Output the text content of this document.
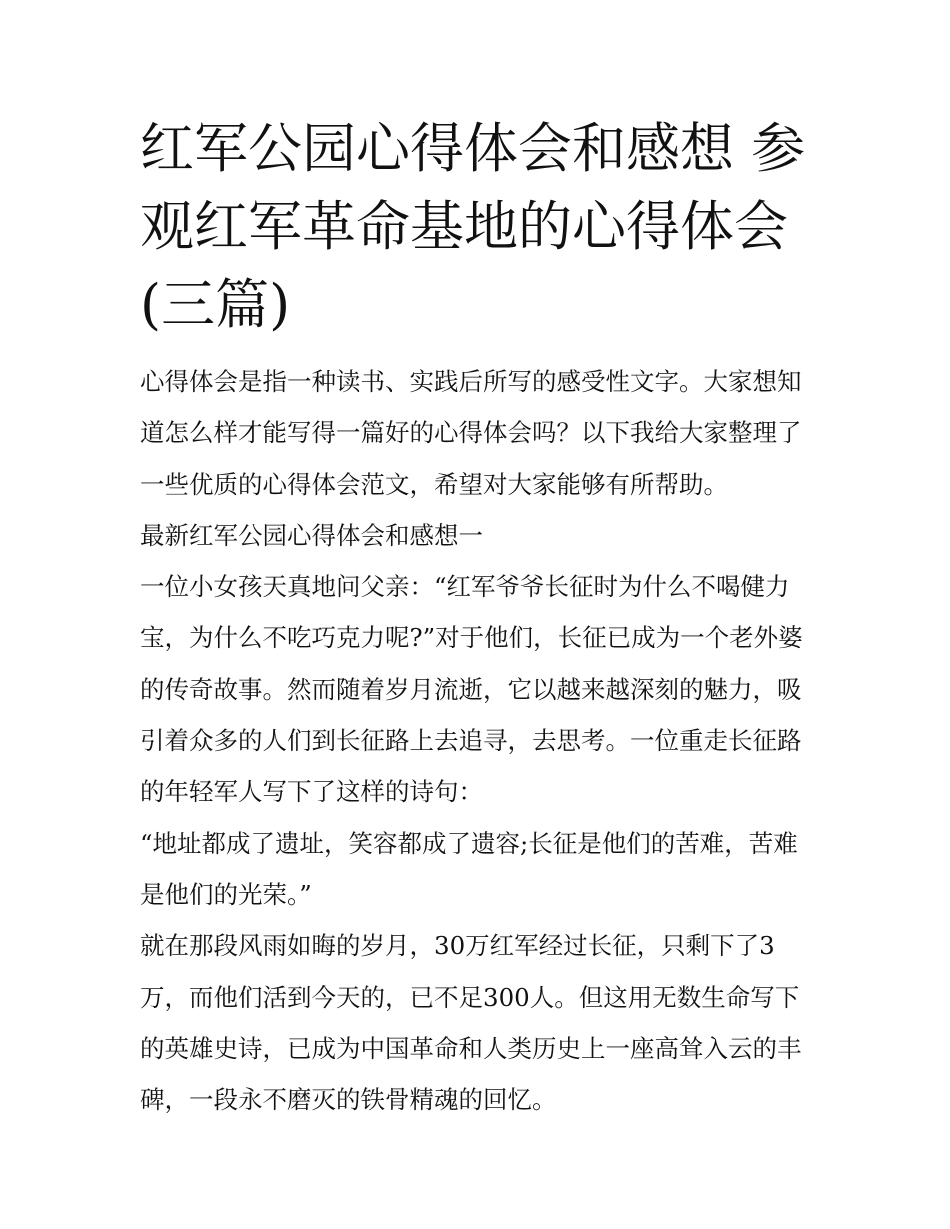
红军公园心得体会和感想 参观红军革命基地的心得体会(三篇)

心得体会是指一种读书、实践后所写的感受性文字。大家想知道怎么样才能写得一篇好的心得体会吗？以下我给大家整理了一些优质的心得体会范文，希望对大家能够有所帮助。

最新红军公园心得体会和感想一

一位小女孩天真地问父亲：“红军爷爷长征时为什么不喝健力宝，为什么不吃巧克力呢?”对于他们，长征已成为一个老外婆的传奇故事。然而随着岁月流逝，它以越来越深刻的魅力，吸引着众多的人们到长征路上去追寻，去思考。一位重走长征路的年轻军人写下了这样的诗句：

“地址都成了遗址，笑容都成了遗容;长征是他们的苦难，苦难是他们的光荣。”

就在那段风雨如晦的岁月，30万红军经过长征，只剩下了3万，而他们活到今天的，已不足300人。但这用无数生命写下的英雄史诗，已成为中国革命和人类历史上一座高耸入云的丰碑，一段永不磨灭的铁骨精魂的回忆。
